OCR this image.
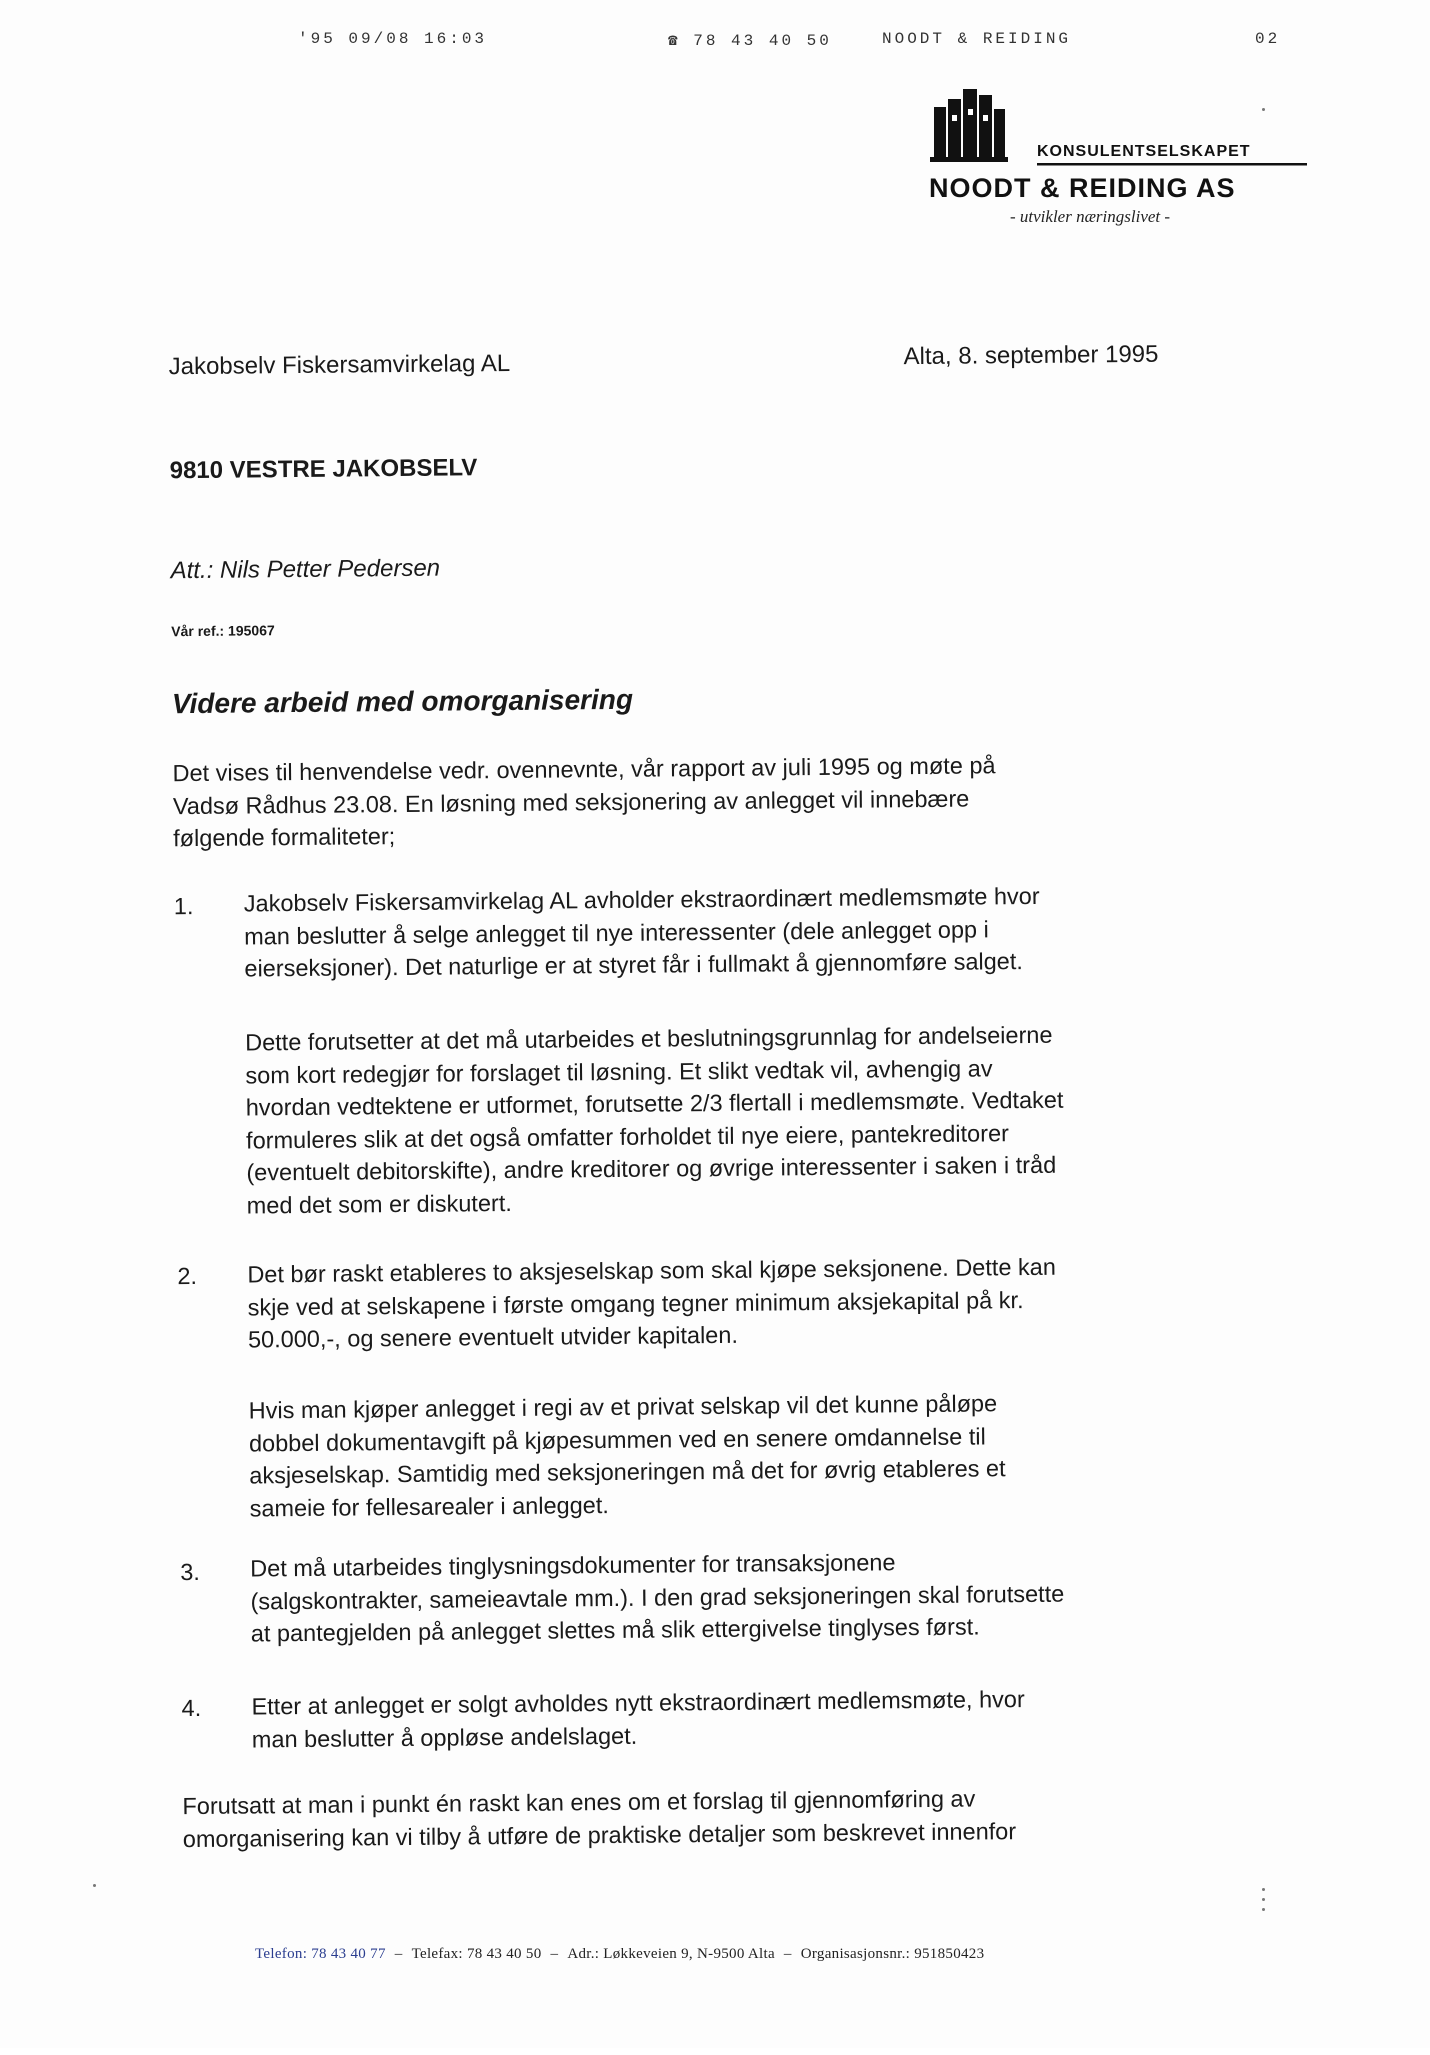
'95 09/08 16:03	☎ 78 43 40 50	NOODT & REIDING	02
KONSULENTSELSKAPET
NOODT & REIDING AS
- utvikler næringslivet -
Jakobselv Fiskersamvirkelag AL	Alta, 8. september 1995
9810 VESTRE JAKOBSELV
Att.: Nils Petter Pedersen
Vår ref.: 195067
Videre arbeid med omorganisering
Det vises til henvendelse vedr. ovennevnte, vår rapport av juli 1995 og møte på
Vadsø Rådhus 23.08. En løsning med seksjonering av anlegget vil innebære
følgende formaliteter;
1. Jakobselv Fiskersamvirkelag AL avholder ekstraordinært medlemsmøte hvor
man beslutter å selge anlegget til nye interessenter (dele anlegget opp i
eierseksjoner). Det naturlige er at styret får i fullmakt å gjennomføre salget.
Dette forutsetter at det må utarbeides et beslutningsgrunnlag for andelseierne
som kort redegjør for forslaget til løsning. Et slikt vedtak vil, avhengig av
hvordan vedtektene er utformet, forutsette 2/3 flertall i medlemsmøte. Vedtaket
formuleres slik at det også omfatter forholdet til nye eiere, pantekreditorer
(eventuelt debitorskifte), andre kreditorer og øvrige interessenter i saken i tråd
med det som er diskutert.
2. Det bør raskt etableres to aksjeselskap som skal kjøpe seksjonene. Dette kan
skje ved at selskapene i første omgang tegner minimum aksjekapital på kr.
50.000,-, og senere eventuelt utvider kapitalen.
Hvis man kjøper anlegget i regi av et privat selskap vil det kunne påløpe
dobbel dokumentavgift på kjøpesummen ved en senere omdannelse til
aksjeselskap. Samtidig med seksjoneringen må det for øvrig etableres et
sameie for fellesarealer i anlegget.
3. Det må utarbeides tinglysningsdokumenter for transaksjonene
(salgskontrakter, sameieavtale mm.). I den grad seksjoneringen skal forutsette
at pantegjelden på anlegget slettes må slik ettergivelse tinglyses først.
4. Etter at anlegget er solgt avholdes nytt ekstraordinært medlemsmøte, hvor
man beslutter å oppløse andelslaget.
Forutsatt at man i punkt én raskt kan enes om et forslag til gjennomføring av
omorganisering kan vi tilby å utføre de praktiske detaljer som beskrevet innenfor
Telefon: 78 43 40 77 – Telefax: 78 43 40 50 – Adr.: Løkkeveien 9, N-9500 Alta – Organisasjonsnr.: 951850423
